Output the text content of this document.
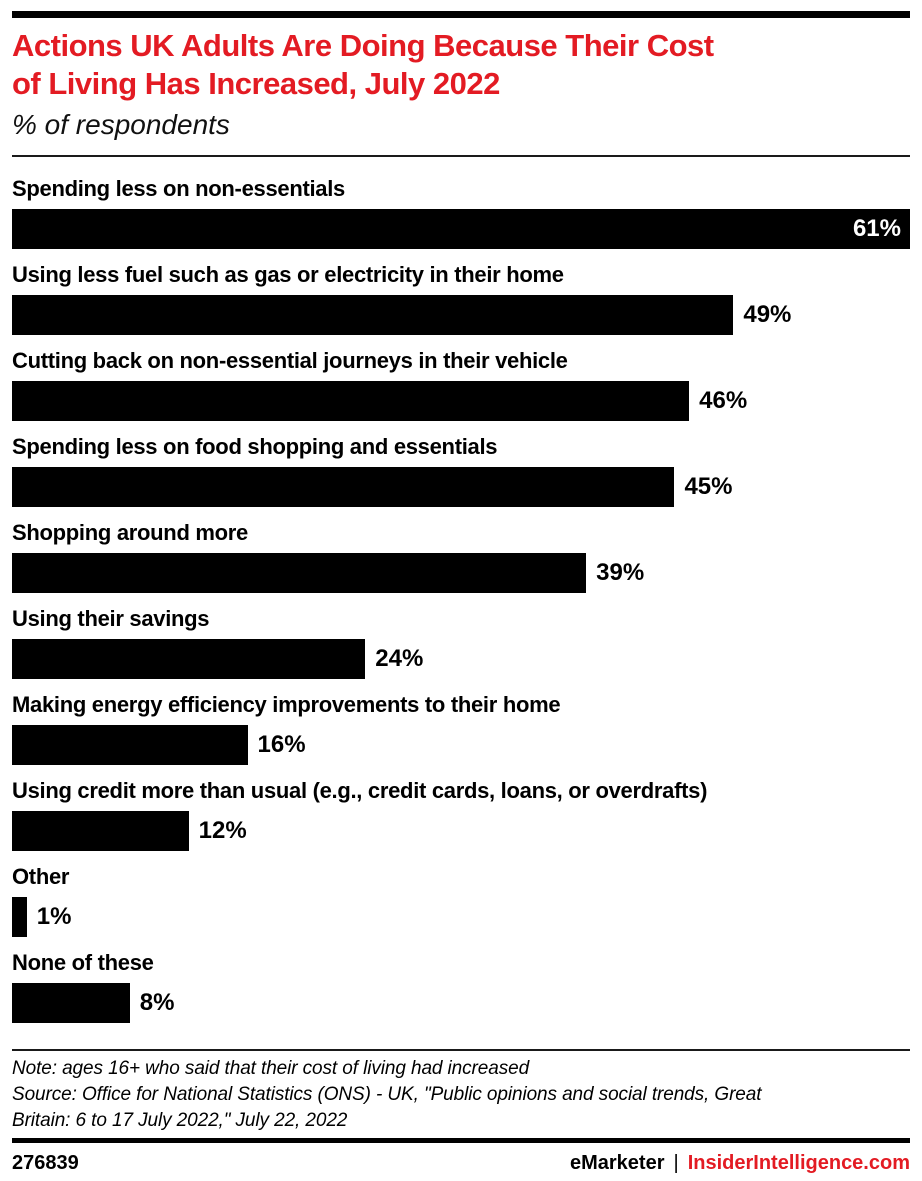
Actions UK Adults Are Doing Because Their Cost
of Living Has Increased, July 2022
% of respondents
Spending less on non-essentials
61%
Using less fuel such as gas or electricity in their home
49%
Cutting back on non-essential journeys in their vehicle
46%
Spending less on food shopping and essentials
45%
Shopping around more
39%
Using their savings
24%
Making energy efficiency improvements to their home
16%
Using credit more than usual (e.g., credit cards, loans, or overdrafts)
12%
Other
1%
None of these
8%
Note: ages 16+ who said that their cost of living had increased
Source: Office for National Statistics (ONS) - UK, "Public opinions and social trends, Great
Britain: 6 to 17 July 2022," July 22, 2022
276839	eMarketer | InsiderIntelligence.com
